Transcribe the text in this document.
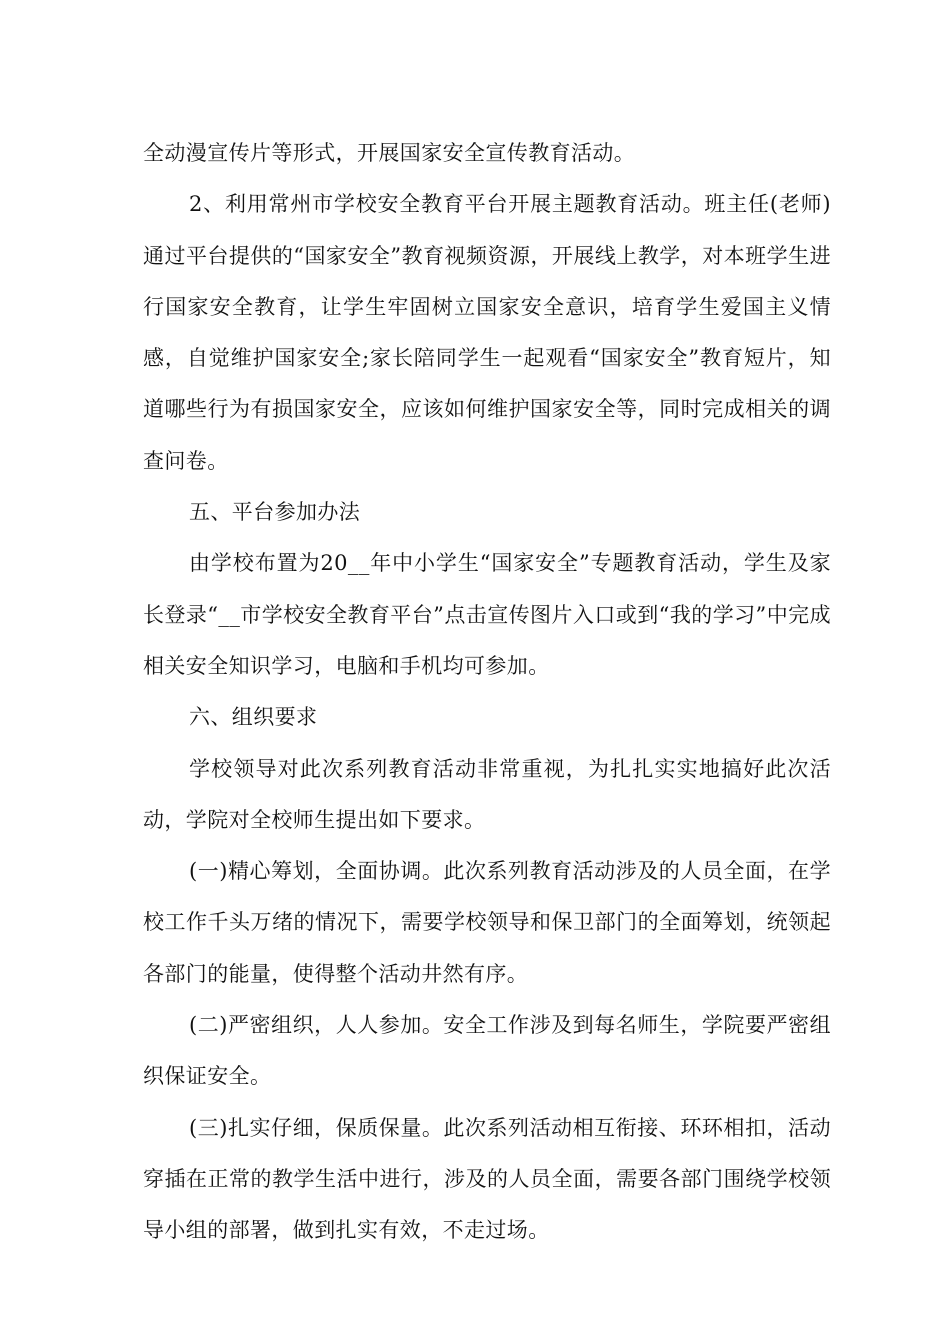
全动漫宣传片等形式，开展国家安全宣传教育活动。

2、利用常州市学校安全教育平台开展主题教育活动。班主任(老师)通过平台提供的“国家安全”教育视频资源，开展线上教学，对本班学生进行国家安全教育，让学生牢固树立国家安全意识，培育学生爱国主义情感，自觉维护国家安全;家长陪同学生一起观看“国家安全”教育短片，知道哪些行为有损国家安全，应该如何维护国家安全等，同时完成相关的调查问卷。

五、平台参加办法

由学校布置为20__年中小学生“国家安全”专题教育活动，学生及家长登录“__市学校安全教育平台”点击宣传图片入口或到“我的学习”中完成相关安全知识学习，电脑和手机均可参加。

六、组织要求

学校领导对此次系列教育活动非常重视，为扎扎实实地搞好此次活动，学院对全校师生提出如下要求。

(一)精心筹划，全面协调。此次系列教育活动涉及的人员全面，在学校工作千头万绪的情况下，需要学校领导和保卫部门的全面筹划，统领起各部门的能量，使得整个活动井然有序。

(二)严密组织，人人参加。安全工作涉及到每名师生，学院要严密组织保证安全。

(三)扎实仔细，保质保量。此次系列活动相互衔接、环环相扣，活动穿插在正常的教学生活中进行，涉及的人员全面，需要各部门围绕学校领导小组的部署，做到扎实有效，不走过场。
